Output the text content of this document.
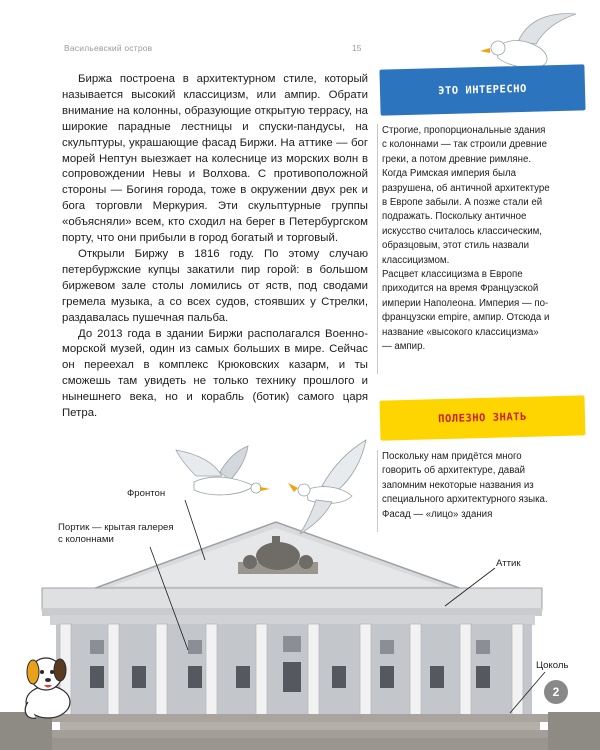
Васильевский остров	15

Биржа построена в архитектурном стиле, который называется высокий классицизм, или ампир. Обрати внимание на колонны, образующие открытую террасу, на широкие парадные лестницы и спуски-пандусы, на скульптуры, украшающие фасад Биржи. На аттике — бог морей Нептун выезжает на колеснице из морских волн в сопровождении Невы и Волхова. С противоположной стороны — Богиня города, тоже в окружении двух рек и бога торговли Меркурия. Эти скульптурные группы «объясняли» всем, кто сходил на берег в Петербургском порту, что они прибыли в город богатый и торговый.

Открыли Биржу в 1816 году. По этому случаю петербуржские купцы закатили пир горой: в большом биржевом зале столы ломились от яств, под сводами гремела музыка, а со всех судов, стоявших у Стрелки, раздавалась пушечная пальба.

До 2013 года в здании Биржи располагался Военно-морской музей, один из самых больших в мире. Сейчас он переехал в комплекс Крюковских казарм, и ты сможешь там увидеть не только технику прошлого и нынешнего века, но и корабль (ботик) самого царя Петра.

ЭТО ИНТЕРЕСНО

Строгие, пропорциональные здания с колоннами — так строили древние греки, а потом древние римляне. Когда Римская империя была разрушена, об античной архитектуре в Европе забыли. А позже стали ей подражать. Поскольку античное искусство считалось классическим, образцовым, этот стиль назвали классицизмом.

Расцвет классицизма в Европе приходится на время Французской империи Наполеона. Империя — по-французски empire, ампир. Отсюда и название «высокого классицизма» — ампир.

ПОЛЕЗНО ЗНАТЬ

Поскольку нам придётся много говорить об архитектуре, давай запомним некоторые названия из специального архитектурного языка.

Фасад — «лицо» здания

Фронтон
Портик — крытая галерея с колоннами
Аттик
Цоколь
2
